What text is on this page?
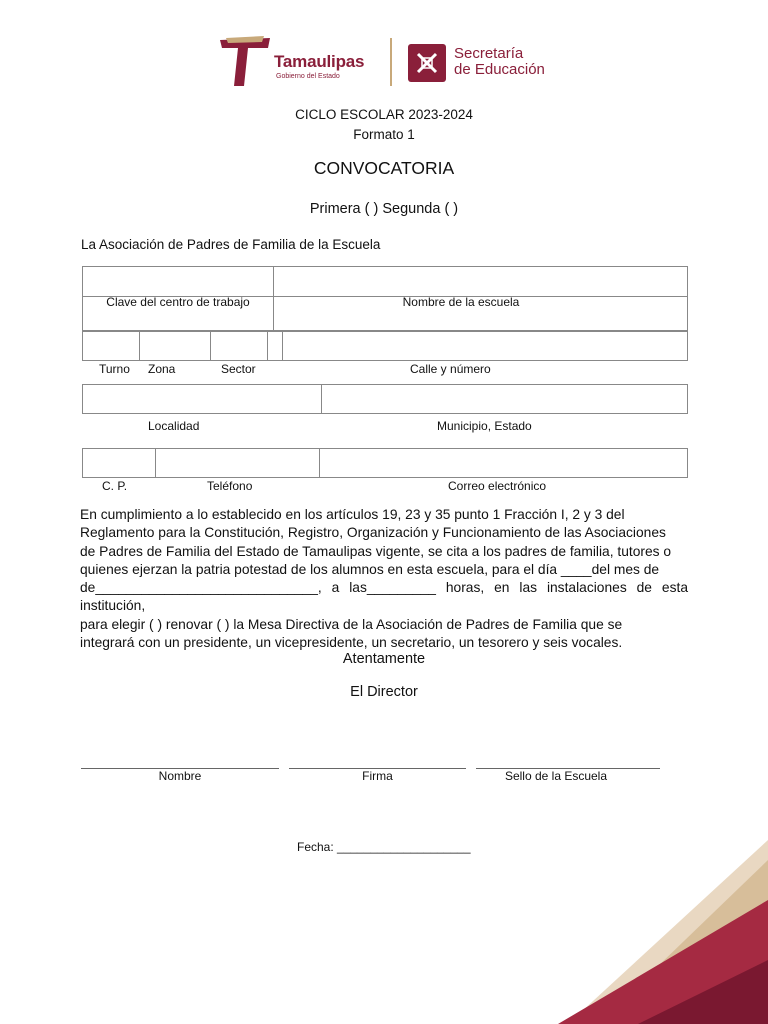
Tamaulipas
Gobierno del Estado
Secretaría
de Educación
CICLO ESCOLAR 2023-2024
Formato 1
CONVOCATORIA
Primera ( ) Segunda ( )
La Asociación de Padres de Familia de la Escuela
Clave del centro de trabajo	Nombre de la escuela
Turno Zona	Sector	Calle y número
Localidad	Municipio, Estado
C. P.	Teléfono	Correo electrónico

En cumplimiento a lo establecido en los artículos 19, 23 y 35 punto 1 Fracción I, 2 y 3 del

Reglamento para la Constitución, Registro, Organización y Funcionamiento de las Asociaciones

de Padres de Familia del Estado de Tamaulipas vigente, se cita a los padres de familia, tutores o

quienes ejerzan la patria potestad de los alumnos en esta escuela, para el día ____del mes de

de_____________________________, a las_________ horas, en las instalaciones de esta institución,

para elegir ( ) renovar ( ) la Mesa Directiva de la Asociación de Padres de Familia que se

integrará con un presidente, un vicepresidente, un secretario, un tesorero y seis vocales.

Atentamente
El Director
Nombre	Firma	Sello de la Escuela
Fecha: ____________________
